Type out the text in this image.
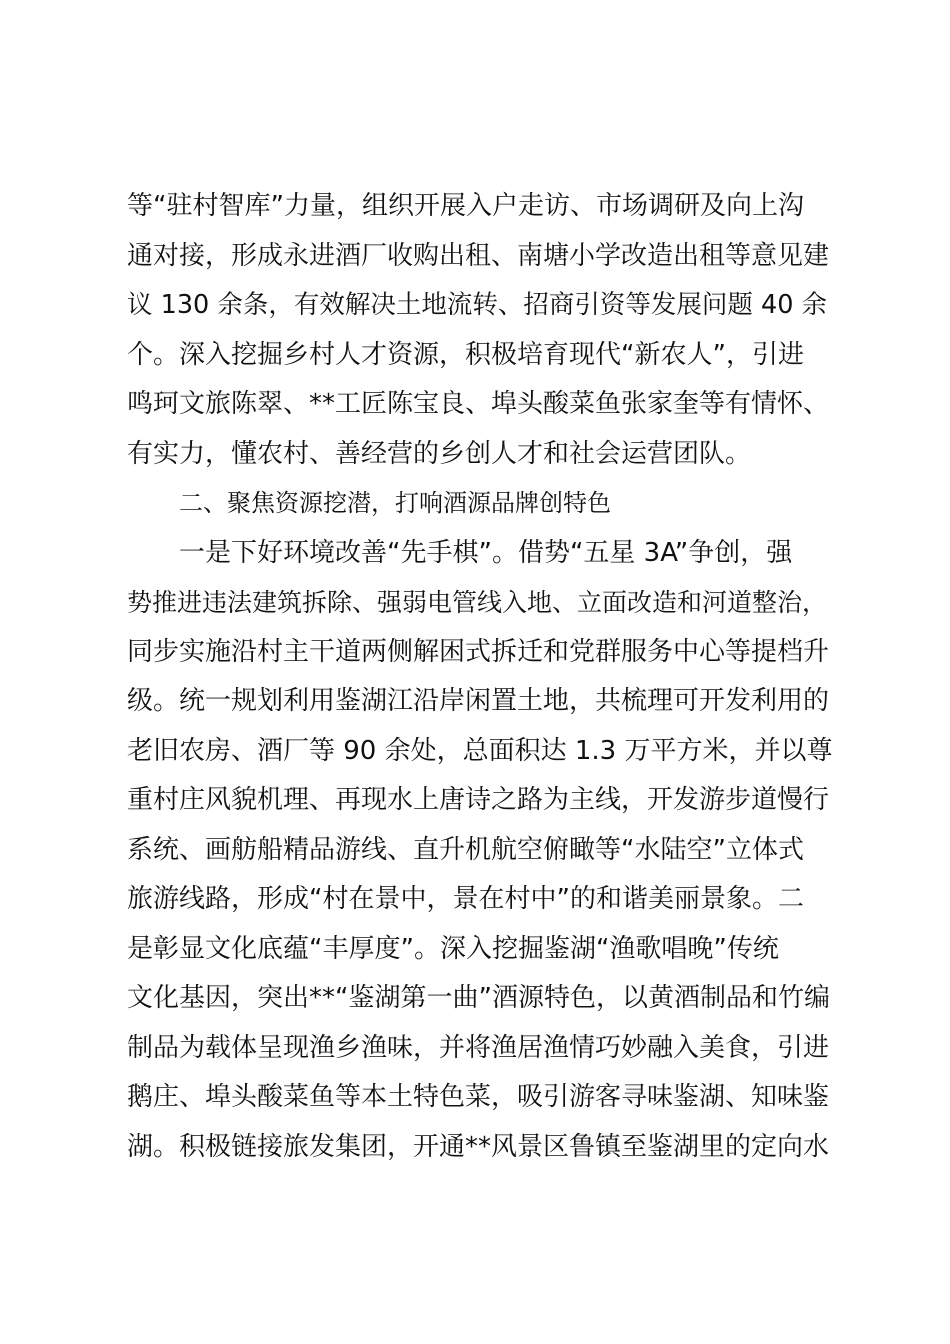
等“驻村智库”力量，组织开展入户走访、市场调研及向上沟
通对接，形成永进酒厂收购出租、南塘小学改造出租等意见建
议 130 余条，有效解决土地流转、招商引资等发展问题 40 余
个。深入挖掘乡村人才资源，积极培育现代“新农人”，引进
鸣珂文旅陈翠、**工匠陈宝良、埠头酸菜鱼张家奎等有情怀、
有实力，懂农村、善经营的乡创人才和社会运营团队。
二、聚焦资源挖潜，打响酒源品牌创特色
一是下好环境改善“先手棋”。借势“五星 3A”争创，强
势推进违法建筑拆除、强弱电管线入地、立面改造和河道整治，
同步实施沿村主干道两侧解困式拆迁和党群服务中心等提档升
级。统一规划利用鉴湖江沿岸闲置土地，共梳理可开发利用的
老旧农房、酒厂等 90 余处，总面积达 1.3 万平方米，并以尊
重村庄风貌机理、再现水上唐诗之路为主线，开发游步道慢行
系统、画舫船精品游线、直升机航空俯瞰等“水陆空”立体式
旅游线路，形成“村在景中，景在村中”的和谐美丽景象。二
是彰显文化底蕴“丰厚度”。深入挖掘鉴湖“渔歌唱晚”传统
文化基因，突出**“鉴湖第一曲”酒源特色，以黄酒制品和竹编
制品为载体呈现渔乡渔味，并将渔居渔情巧妙融入美食，引进
鹅庄、埠头酸菜鱼等本土特色菜，吸引游客寻味鉴湖、知味鉴
湖。积极链接旅发集团，开通**风景区鲁镇至鉴湖里的定向水
